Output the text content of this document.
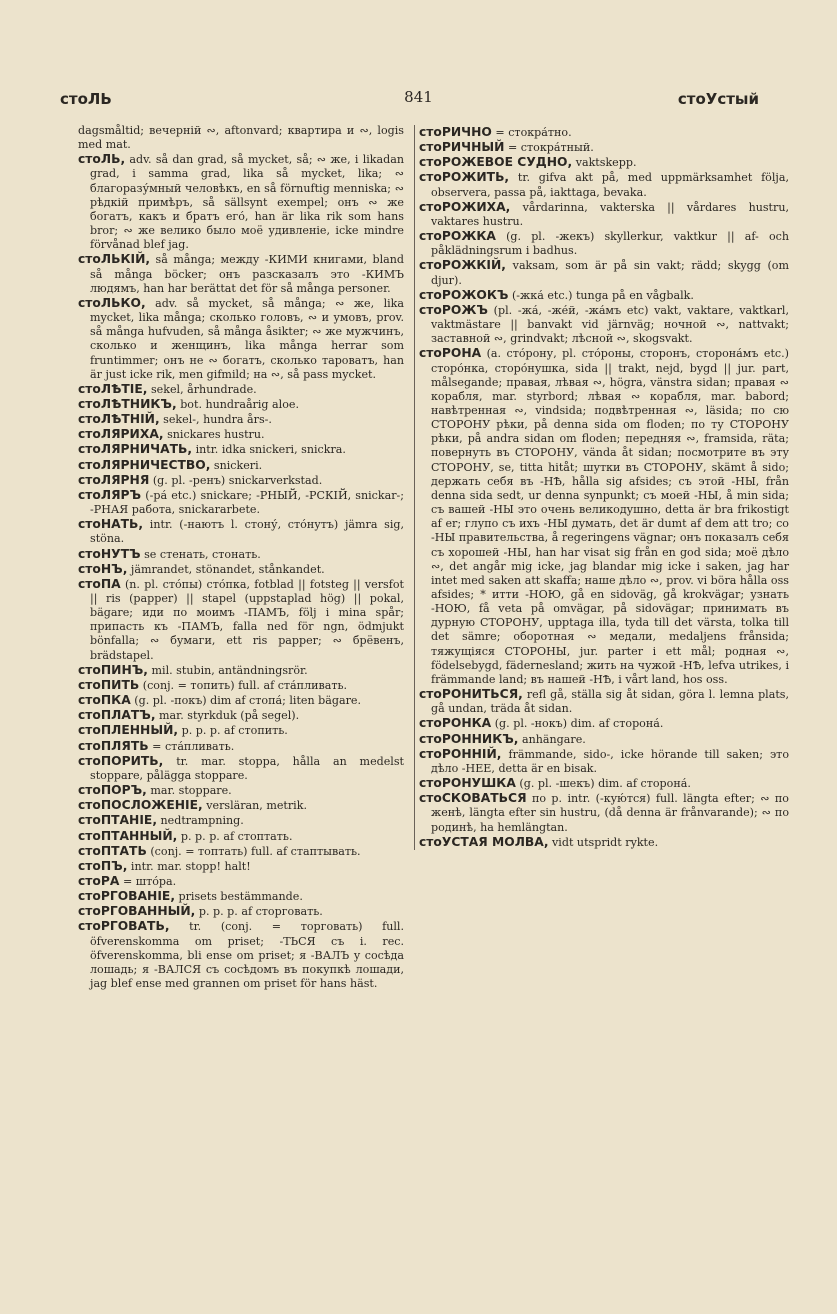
стоЛЬ	841	стоУстый
dagsmåltid; вечерній ∾, aftonvard; квартира и ∾, logis med mat.
стоЛЬ, adv. så dan grad, så mycket, så; ∾ же, i likadan grad, i samma grad, lika så mycket, lika; ∾ благоразу́мный человѣкъ, en så förnuftig menniska; ∾ рѣдкій примѣръ, så sällsynt exempel; онъ ∾ же богатъ, какъ и братъ его́, han är lika rik som hans bror; ∾ же велико было моё удивленіе, icke mindre förvånad blef jag.
стоЛЬКІЙ, så många; между -КИМИ книгами, bland så många böcker; онъ разсказалъ это -КИМЪ людямъ, han har berättat det för så många personer.
стоЛЬКО, adv. så mycket, så många; ∾ же, lika mycket, lika många; сколько головъ, ∾ и умовъ, prov. så många hufvuden, så många åsikter; ∾ же мужчинъ, сколько и женщинъ, lika många herrar som fruntimmer; онъ не ∾ богатъ, сколько тароватъ, han är just icke rik, men gifmild; на ∾, så pass mycket.
стоЛѢТІЕ, sekel, århundrade.
стоЛѢТНИКЪ, bot. hundraårig aloe.
стоЛѢТНІЙ, sekel-, hundra års-.
стоЛЯРИХА, snickares hustru.
стоЛЯРНИЧАТЬ, intr. idka snickeri, snickra.
стоЛЯРНИЧЕСТВО, snickeri.
стоЛЯРНЯ (g. pl. -ренъ) snickarverkstad.
стоЛЯРЪ (-ра́ etc.) snickare; -РНЫЙ, -РСКІЙ, snickar-; -РНАЯ работа, snickararbete.
стоНАТЬ, intr. (-наютъ l. стону́, сто́нутъ) jämra sig, stöna.
стоНУТЪ se стенать, стонать.
стоНЪ, jämrandet, stönandet, stånkandet.
стоПА (n. pl. сто́пы) сто́пка, fotblad || fotsteg || versfot || ris (papper) || stapel (uppstaplad hög) || pokal, bägare; иди по моимъ -ПАМЪ, följ i mina spår; припасть къ -ПАМЪ, falla ned för ngn, ödmjukt bönfalla; ∾ бумаги, ett ris papper; ∾ брёвенъ, brädstapel.
стоПИНЪ, mil. stubin, antändningsrör.
стоПИТЬ (conj. = топить) full. af ста́пливать.
стоПКА (g. pl. -покъ) dim af стопа́; liten bägare.
стоПЛАТЪ, mar. styrkduk (på segel).
стоПЛЕННЫЙ, p. p. p. af стопить.
стоПЛЯТЬ = ста́пливать.
стоПОРИТЬ, tr. mar. stoppa, hålla an medelst stoppare, pålägga stoppare.
стоПОРЪ, mar. stoppare.
стоПОСЛОЖЕНІЕ, versläran, metrik.
стоПТАНІЕ, nedtrampning.
стоПТАННЫЙ, p. p. p. af стоптать.
стоПТАТЬ (conj. = топтать) full. af стаптывать.
стоПЪ, intr. mar. stopp! halt!
стоРА = што́ра.
стоРГОВАНІЕ, prisets bestämmande.
стоРГОВАННЫЙ, p. p. p. af сторговать.
стоРГОВАТЬ, tr. (conj. = торговать) full. öfverenskomma om priset; -ТЬСЯ съ i. rec. öfverenskomma, bli ense om priset; я -ВАЛЪ у сосѣда лошадь; я -ВАЛСЯ съ сосѣдомъ въ покупкѣ лошади, jag blef ense med grannen om priset för hans häst.
стоРИЧНО = стокра́тно.
стоРИЧНЫЙ = стокра́тный.
стоРОЖЕВОЕ СУДНО, vaktskepp.
стоРОЖИТЬ, tr. gifva akt på, med uppmärksamhet följa, observera, passa på, iakttaga, bevaka.
стоРОЖИХА, vårdarinna, vakterska || vårdares hustru, vaktares hustru.
стоРОЖКА (g. pl. -жекъ) skyllerkur, vaktkur || af- och påklädningsrum i badhus.
стоРОЖКІЙ, vaksam, som är på sin vakt; rädd; skygg (om djur).
стоРОЖОКЪ (-жка́ etc.) tunga på en vågbalk.
стоРОЖЪ (pl. -жа́, -же́й, -жа́мъ etc) vakt, vaktare, vaktkarl, vaktmästare || banvakt vid järnväg; ночной ∾, nattvakt; заставной ∾, grindvakt; лѣсной ∾, skogsvakt.
стоРОНА (a. сто́рону, pl. сто́роны, сторонъ, сторона́мъ etc.) сторо́нка, сторо́нушка, sida || trakt, nejd, bygd || jur. part, målsegande; правая, лѣвая ∾, högra, vänstra sidan; правая ∾ корабля, mar. styrbord; лѣвая ∾ корабля, mar. babord; навѣтренная ∾, vindsida; подвѣтренная ∾, läsida; по сю СТОРОНУ рѣки, på denna sida om floden; по ту СТОРОНУ рѣки, på andra sidan om floden; передняя ∾, framsida, räta; повернуть въ СТОРОНУ, vända åt sidan; посмотрите въ эту СТОРОНУ, se, titta hitåt; шутки въ СТОРОНУ, skämt å sido; держать себя въ -НѢ, hålla sig afsides; съ этой -НЫ, från denna sida sedt, ur denna synpunkt; съ моей -НЫ, å min sida; съ вашей -НЫ это очень великодушно, detta är bra frikostigt af er; глупо съ ихъ -НЫ думать, det är dumt af dem att tro; со -НЫ правительства, å regeringens vägnar; онъ показалъ себя съ хорошей -НЫ, han har visat sig från en god sida; моё дѣло ∾, det angår mig icke, jag blandar mig icke i saken, jag har intet med saken att skaffa; наше дѣло ∾, prov. vi böra hålla oss afsides; * итти -НОЮ, gå en sidoväg, gå krokvägar; узнать -НОЮ, få veta på omvägar, på sidovägar; принимать въ дурную СТОРОНУ, upptaga illa, tyda till det värsta, tolka till det sämre; оборотная ∾ медали, medaljens frånsida; тяжущіяся СТОРОНЫ, jur. parter i ett mål; родная ∾, födelsebygd, fädernesland; жить на чужой -НѢ, lefva utrikes, i främmande land; въ нашей -НѢ, i vårt land, hos oss.
стоРОНИТЬСЯ, refl gå, ställa sig åt sidan, göra l. lemna plats, gå undan, träda åt sidan.
стоРОНКА (g. pl. -нокъ) dim. af сторона́.
стоРОННИКЪ, anhängare.
стоРОННІЙ, främmande, sido-, icke hörande till saken; это дѣло -НЕЕ, detta är en bisak.
стоРОНУШКА (g. pl. -шекъ) dim. af сторона́.
стоСКОВАТЬСЯ по p. intr. (-кую́тся) full. längta efter; ∾ по женѣ, längta efter sin hustru, (då denna är frånvarande); ∾ по родинѣ, ha hemlängtan.
стоУСТАЯ МОЛВА, vidt utspridt rykte.
